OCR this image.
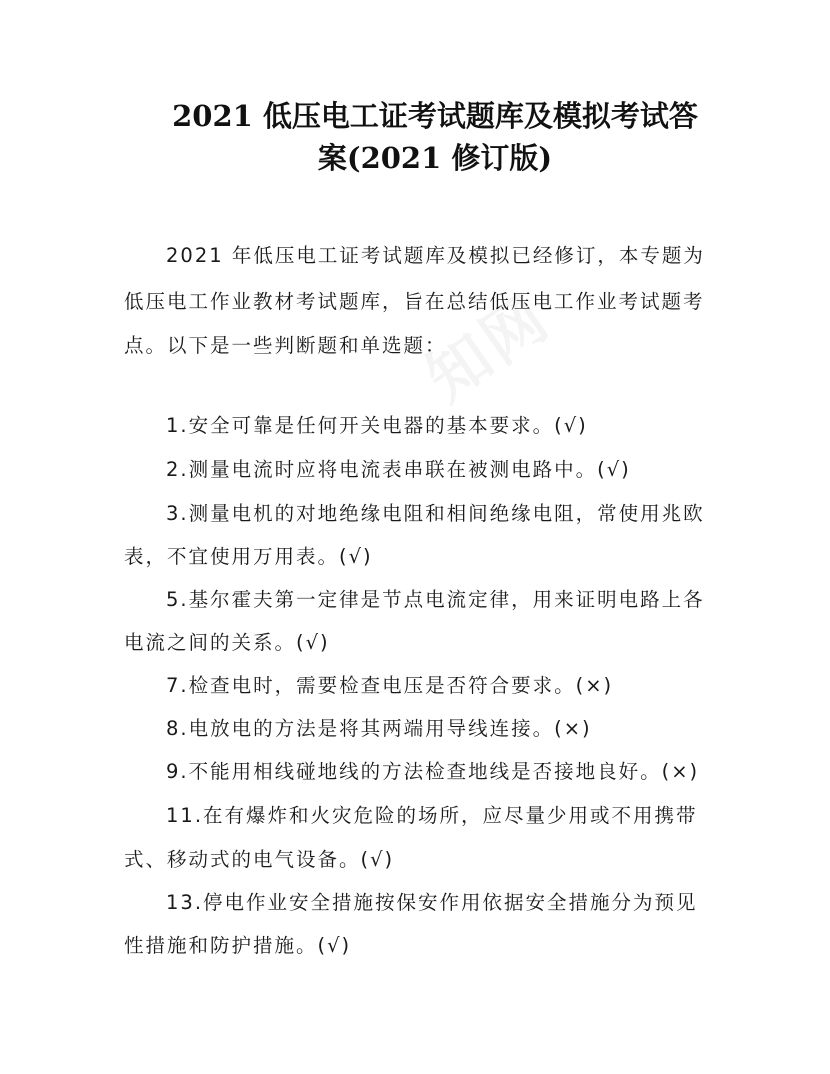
2021 低压电工证考试题库及模拟考试答
案(2021 修订版)

2021 年低压电工证考试题库及模拟已经修订，本专题为

低压电工作业教材考试题库，旨在总结低压电工作业考试题考

点。以下是一些判断题和单选题：

1.安全可靠是任何开关电器的基本要求。(√)

2.测量电流时应将电流表串联在被测电路中。(√)

3.测量电机的对地绝缘电阻和相间绝缘电阻，常使用兆欧

表，不宜使用万用表。(√)

5.基尔霍夫第一定律是节点电流定律，用来证明电路上各

电流之间的关系。(√)

7.检查电时，需要检查电压是否符合要求。(×)

8.电放电的方法是将其两端用导线连接。(×)

9.不能用相线碰地线的方法检查地线是否接地良好。(×)

11.在有爆炸和火灾危险的场所，应尽量少用或不用携带

式、移动式的电气设备。(√)

13.停电作业安全措施按保安作用依据安全措施分为预见

性措施和防护措施。(√)
